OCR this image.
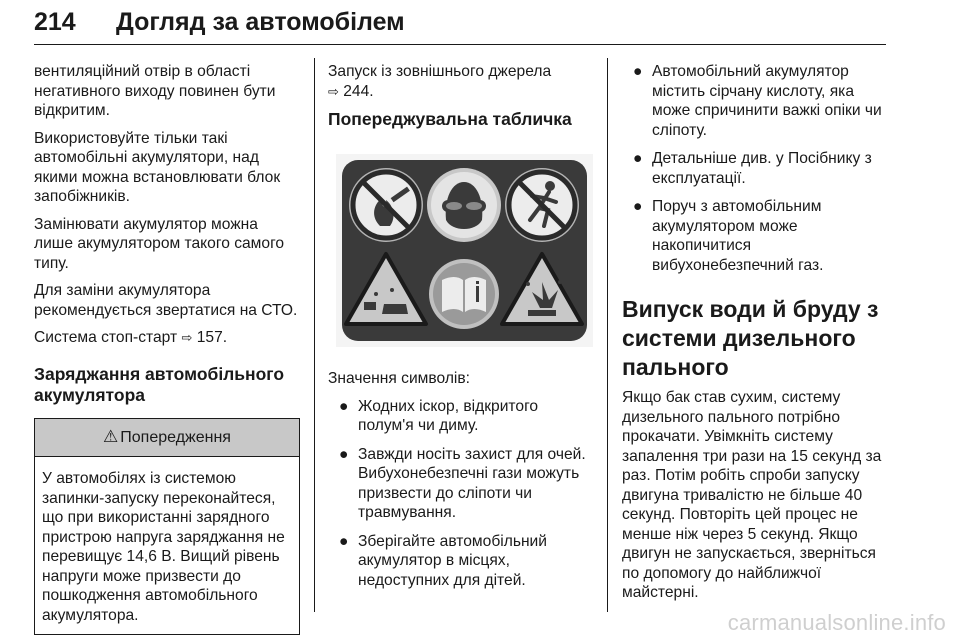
214 Догляд за автомобілем

вентиляційний отвір в області негативного виходу повинен бути відкритим.

Використовуйте тільки такі автомобільні акумулятори, над якими можна встановлювати блок запобіжників.

Замінювати акумулятор можна лише акумулятором такого самого типу.

Для заміни акумулятора рекомендується звертатися на СТО.

Система стоп-старт ⇨ 157.

Заряджання автомобільного акумулятора
⚠ Попередження
У автомобілях із системою запинки-запуску переконайтеся, що при використанні зарядного пристрою напруга заряджання не перевищує 14,6 В. Вищий рівень напруги може призвести до пошкодження автомобільного акумулятора.

Запуск із зовнішнього джерела
⇨ 244.

Попереджувальна табличка

Значення символів:

● Жодних іскор, відкритого полум'я чи диму.
● Завжди носіть захист для очей. Вибухонебезпечні гази можуть призвести до сліпоти чи травмування.
● Зберігайте автомобільний акумулятор в місцях, недоступних для дітей.
● Автомобільний акумулятор містить сірчану кислоту, яка може спричинити важкі опіки чи сліпоту.
● Детальніше див. у Посібнику з експлуатації.
● Поруч з автомобільним акумулятором може накопичитися вибухонебезпечний газ.
Випуск води й бруду з системи дизельного пального

Якщо бак став сухим, систему дизельного пального потрібно прокачати. Увімкніть систему запалення три рази на 15 секунд за раз. Потім робіть спроби запуску двигуна тривалістю не більше 40 секунд. Повторіть цей процес не менше ніж через 5 секунд. Якщо двигун не запускається, зверніться по допомогу до найближчої майстерні.

carmanualsonline.info
